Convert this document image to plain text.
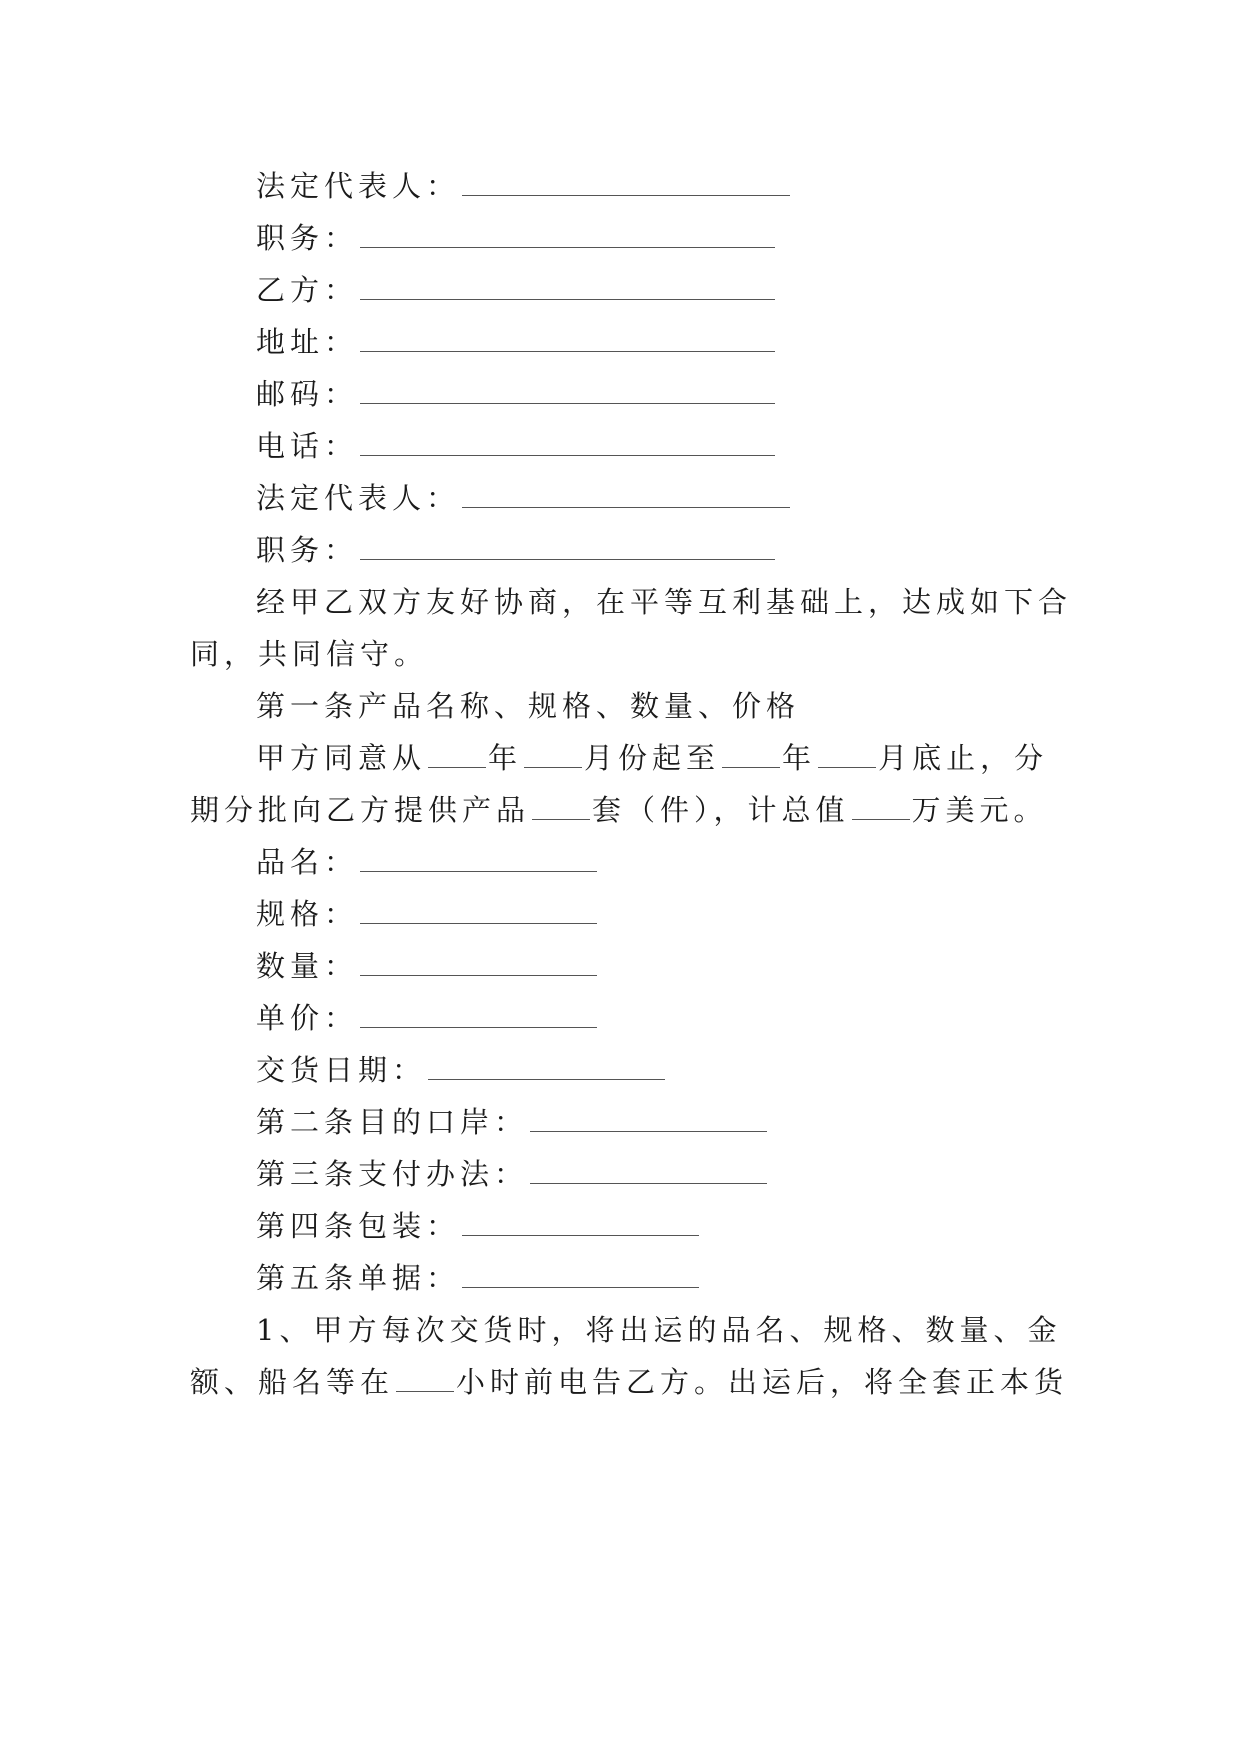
法定代表人：
职务：
乙方：
地址：
邮码：
电话：
法定代表人：
职务：
经甲乙双方友好协商，在平等互利基础上，达成如下合
同，共同信守。
第一条产品名称、规格、数量、价格
甲方同意从 年 月份起至 年 月底止，分
期分批向乙方提供产品 套（件），计总值 万美元。
品名：
规格：
数量：
单价：
交货日期：
第二条目的口岸：
第三条支付办法：
第四条包装：
第五条单据：
1、甲方每次交货时，将出运的品名、规格、数量、金
额、船名等在 小时前电告乙方。出运后，将全套正本货
